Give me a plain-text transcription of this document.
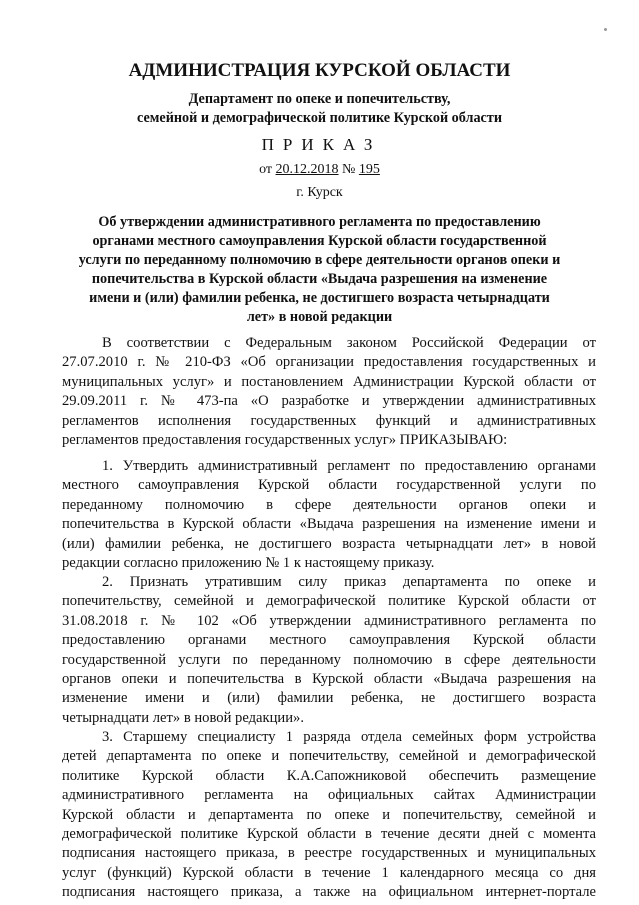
АДМИНИСТРАЦИЯ КУРСКОЙ ОБЛАСТИ
Департамент по опеке и попечительству,
семейной и демографической политике Курской области
ПРИКАЗ
от 20.12.2018 № 195
г. Курск
Об утверждении административного регламента по предоставлению
органами местного самоуправления Курской области государственной
услуги по переданному полномочию в сфере деятельности органов опеки и
попечительства в Курской области «Выдача разрешения на изменение
имени и (или) фамилии ребенка, не достигшего возраста четырнадцати
лет» в новой редакции
В соответствии с Федеральным законом Российской Федерации от
27.07.2010 г. № 210-ФЗ «Об организации предоставления государственных и
муниципальных услуг» и постановлением Администрации Курской области от
29.09.2011 г. № 473-па «О разработке и утверждении административных
регламентов исполнения государственных функций и административных
регламентов предоставления государственных услуг» ПРИКАЗЫВАЮ:
1. Утвердить административный регламент по предоставлению органами
местного самоуправления Курской области государственной услуги по
переданному полномочию в сфере деятельности органов опеки и
попечительства в Курской области «Выдача разрешения на изменение имени и
(или) фамилии ребенка, не достигшего возраста четырнадцати лет» в новой
редакции согласно приложению № 1 к настоящему приказу.
2. Признать утратившим силу приказ департамента по опеке и
попечительству, семейной и демографической политике Курской области от
31.08.2018 г. № 102 «Об утверждении административного регламента по
предоставлению органами местного самоуправления Курской области
государственной услуги по переданному полномочию в сфере деятельности
органов опеки и попечительства в Курской области «Выдача разрешения на
изменение имени и (или) фамилии ребенка, не достигшего возраста
четырнадцати лет» в новой редакции».
3. Старшему специалисту 1 разряда отдела семейных форм устройства
детей департамента по опеке и попечительству, семейной и демографической
политике Курской области К.А.Сапожниковой обеспечить размещение
административного регламента на официальных сайтах Администрации
Курской области и департамента по опеке и попечительству, семейной и
демографической политике Курской области в течение десяти дней с момента
подписания настоящего приказа, в реестре государственных и муниципальных
услуг (функций) Курской области в течение 1 календарного месяца со дня
подписания настоящего приказа, а также на официальном интернет-портале
